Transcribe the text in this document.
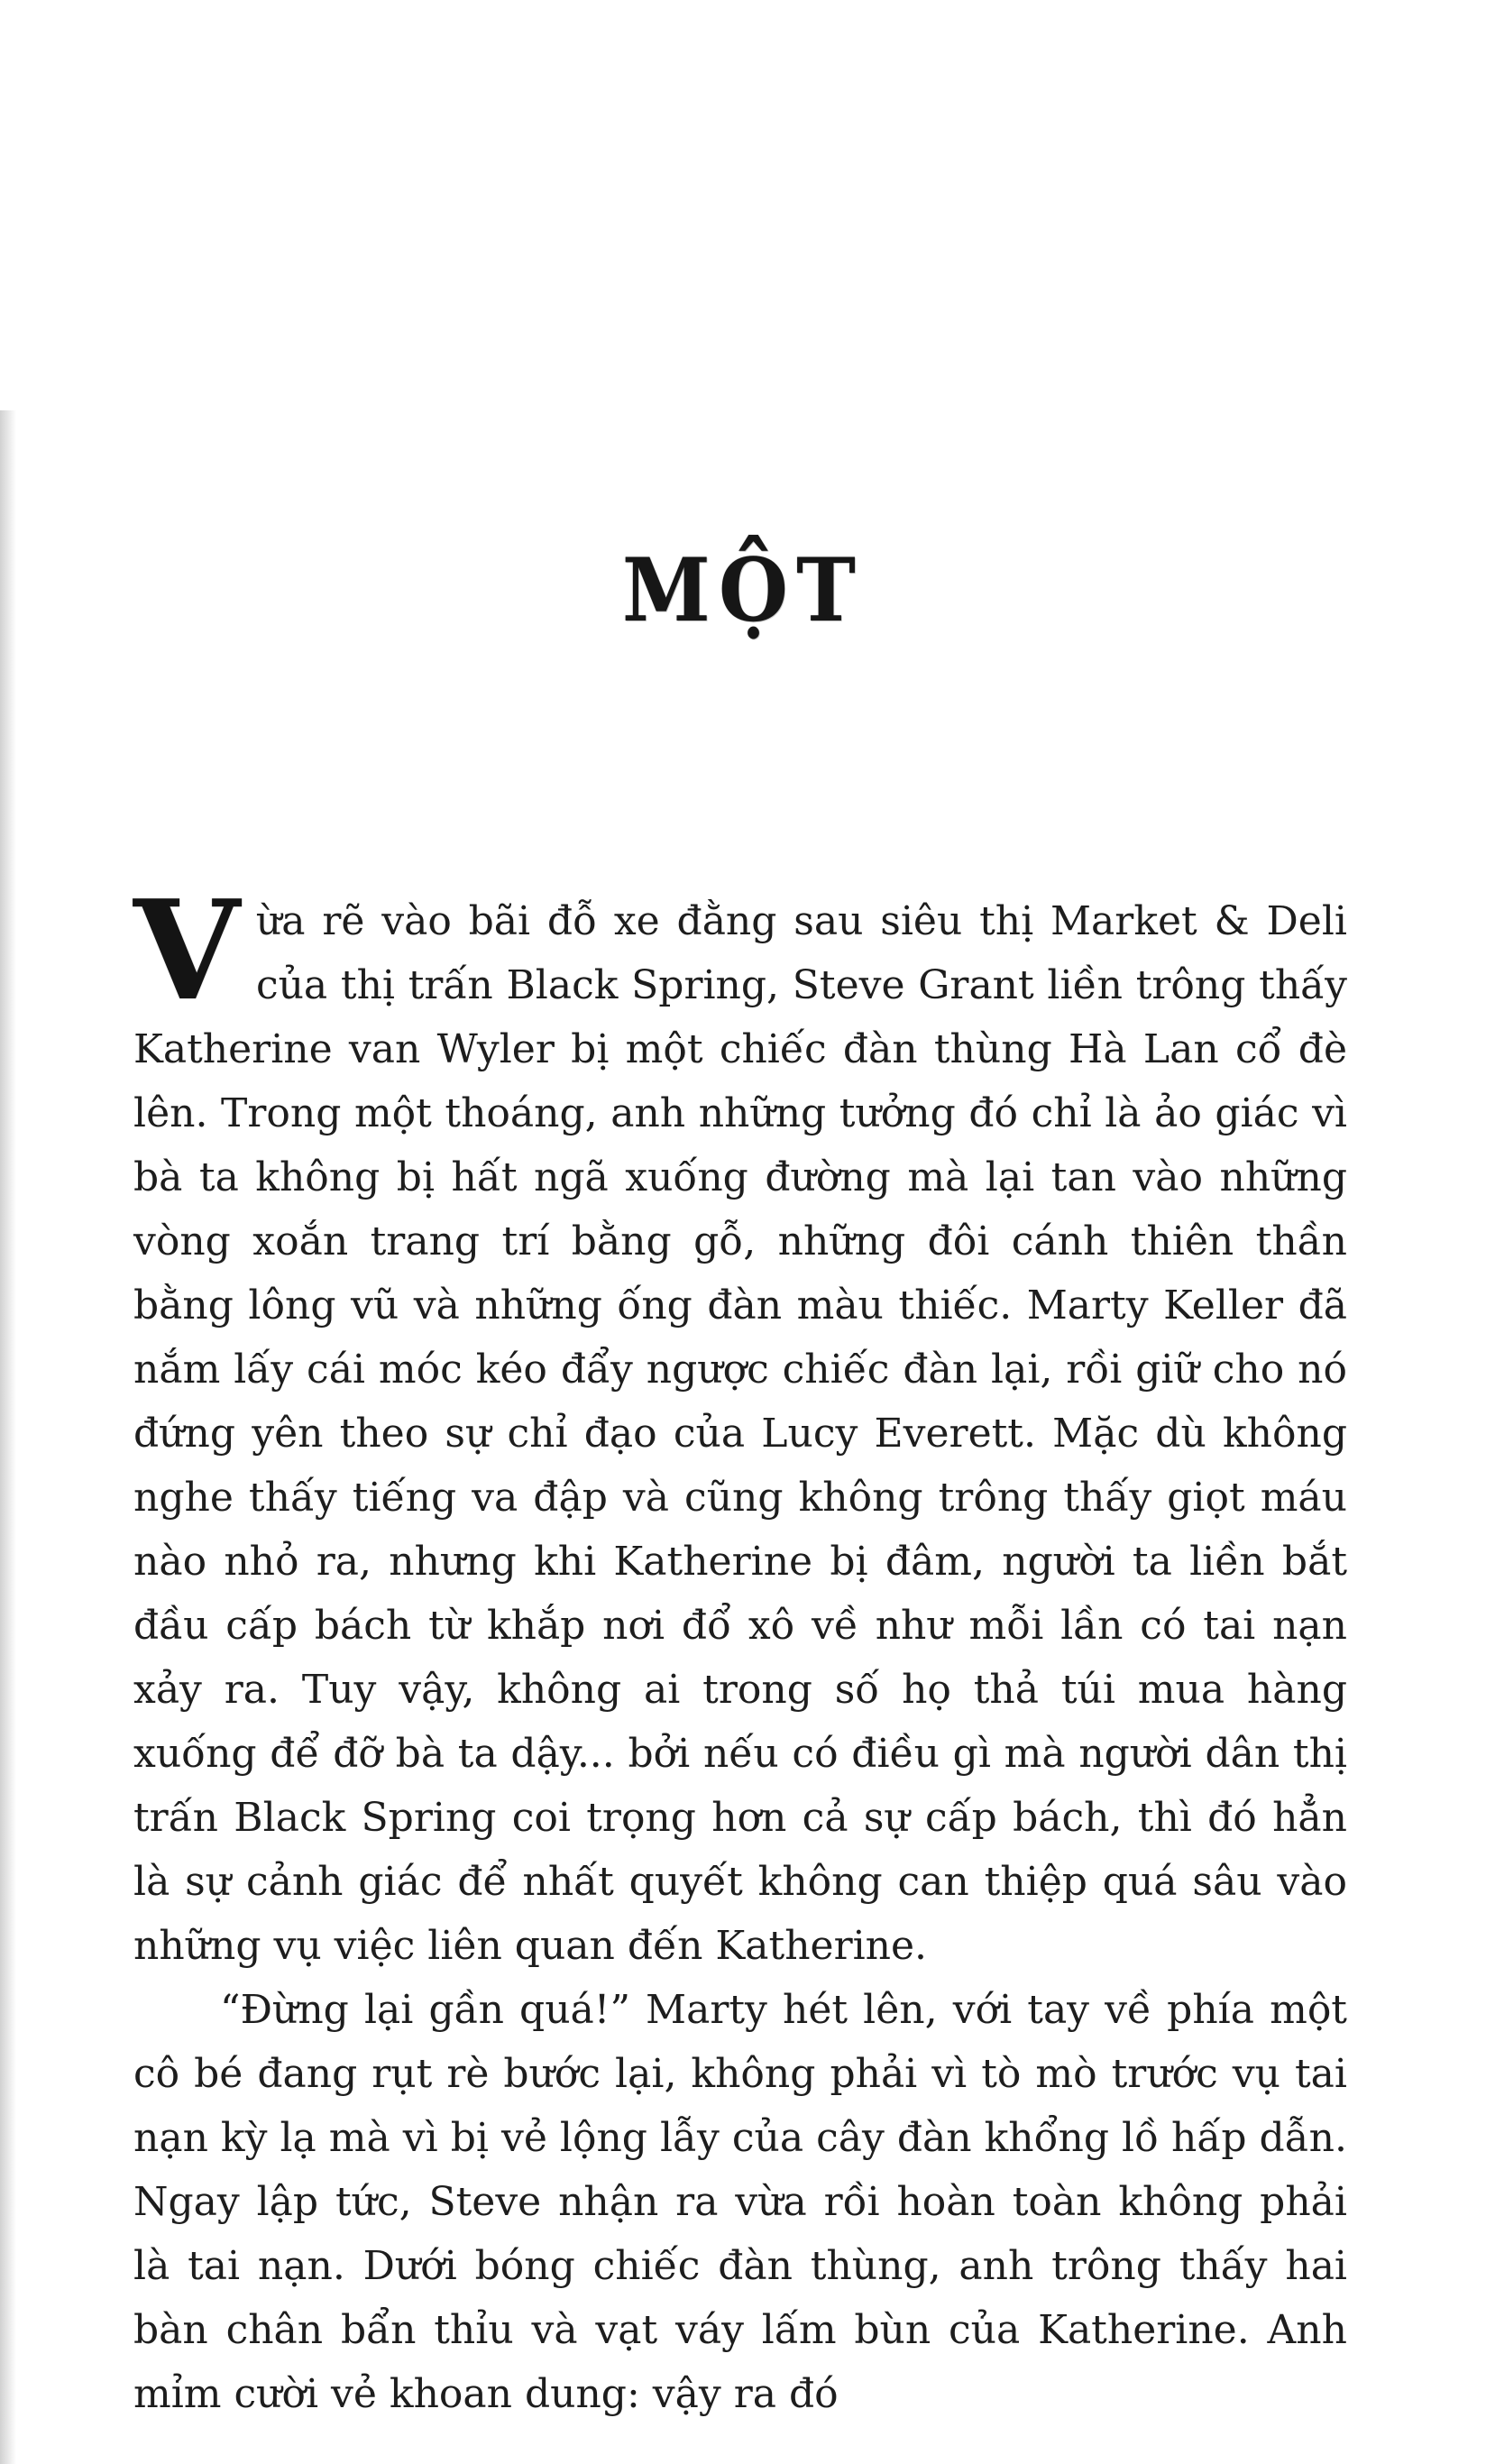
MỘT

Vừa rẽ vào bãi đỗ xe đằng sau siêu thị Market & Deli của thị trấn Black Spring, Steve Grant liền trông thấy Katherine van Wyler bị một chiếc đàn thùng Hà Lan cổ đè lên. Trong một thoáng, anh những tưởng đó chỉ là ảo giác vì bà ta không bị hất ngã xuống đường mà lại tan vào những vòng xoắn trang trí bằng gỗ, những đôi cánh thiên thần bằng lông vũ và những ống đàn màu thiếc. Marty Keller đã nắm lấy cái móc kéo đẩy ngược chiếc đàn lại, rồi giữ cho nó đứng yên theo sự chỉ đạo của Lucy Everett. Mặc dù không nghe thấy tiếng va đập và cũng không trông thấy giọt máu nào nhỏ ra, nhưng khi Katherine bị đâm, người ta liền bắt đầu cấp bách từ khắp nơi đổ xô về như mỗi lần có tai nạn xảy ra. Tuy vậy, không ai trong số họ thả túi mua hàng xuống để đỡ bà ta dậy... bởi nếu có điều gì mà người dân thị trấn Black Spring coi trọng hơn cả sự cấp bách, thì đó hẳn là sự cảnh giác để nhất quyết không can thiệp quá sâu vào những vụ việc liên quan đến Katherine.

“Đừng lại gần quá!” Marty hét lên, với tay về phía một cô bé đang rụt rè bước lại, không phải vì tò mò trước vụ tai nạn kỳ lạ mà vì bị vẻ lộng lẫy của cây đàn khổng lồ hấp dẫn. Ngay lập tức, Steve nhận ra vừa rồi hoàn toàn không phải là tai nạn. Dưới bóng chiếc đàn thùng, anh trông thấy hai bàn chân bẩn thỉu và vạt váy lấm bùn của Katherine. Anh mỉm cười vẻ khoan dung: vậy ra đó
